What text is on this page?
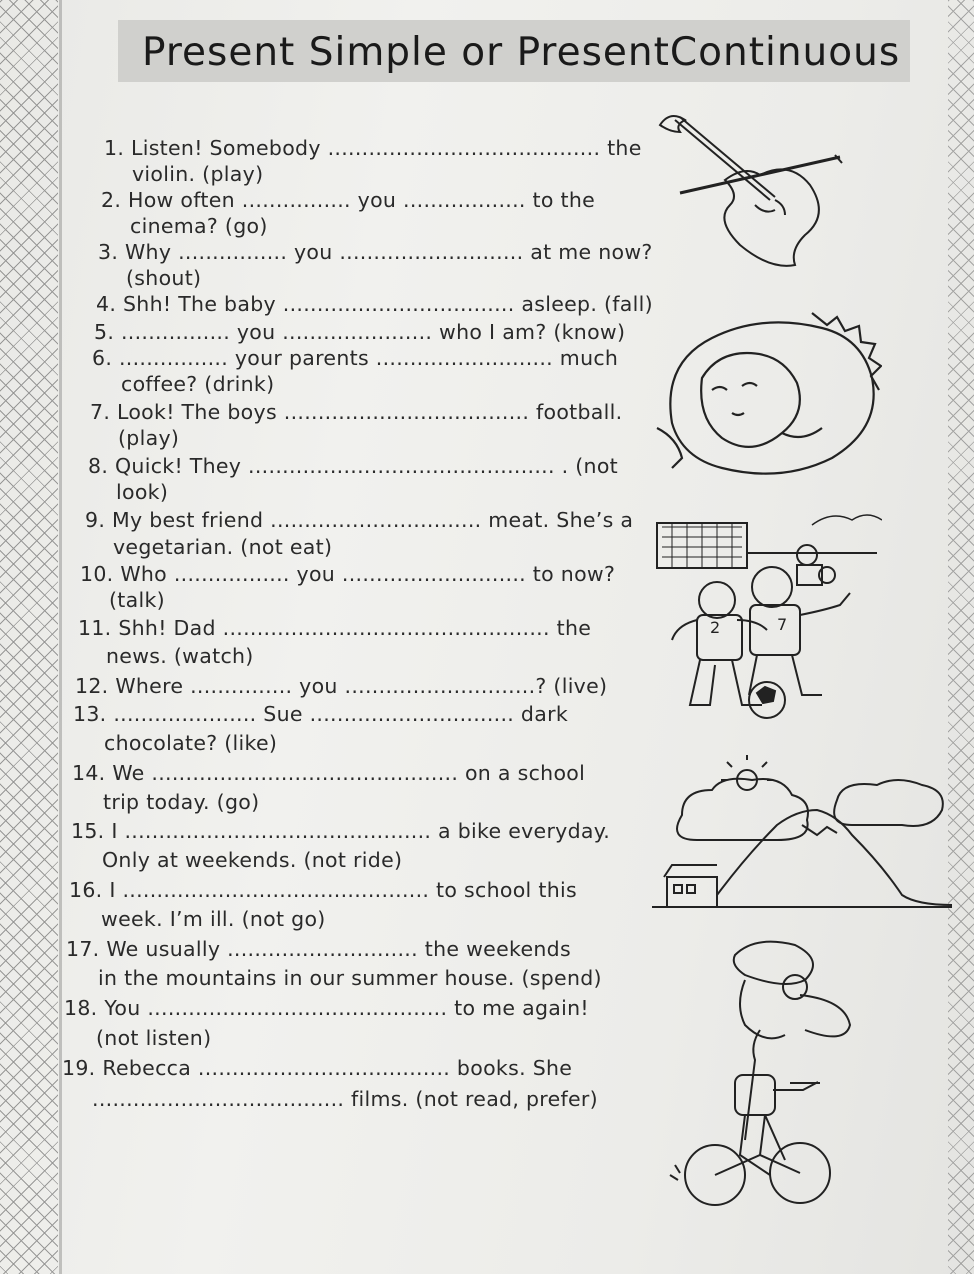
Present Simple or PresentContinuous
1. Listen! Somebody ........................................ the
violin. (play)
2. How often ................ you .................. to the
cinema? (go)
3. Why ................ you ........................... at me now?
(shout)
4. Shh! The baby .................................. asleep. (fall)
5. ................ you ...................... who I am? (know)
6. ................ your parents .......................... much
coffee? (drink)
7. Look! The boys .................................... football.
(play)
8. Quick! They ............................................. . (not
look)
9. My best friend ............................... meat. She’s a
vegetarian. (not eat)
10. Who ................. you ........................... to now?
(talk)
11. Shh! Dad ................................................ the
news. (watch)
12. Where ............... you ............................? (live)
13. ..................... Sue .............................. dark
chocolate? (like)
14. We ............................................. on a school
trip today. (go)
15. I ............................................. a bike everyday.
Only at weekends. (not ride)
16. I ............................................. to school this
week. I’m ill. (not go)
17. We usually ............................ the weekends
in the mountains in our summer house. (spend)
18. You ............................................ to me again!
(not listen)
19. Rebecca ..................................... books. She
..................................... films. (not read, prefer)
2	7
